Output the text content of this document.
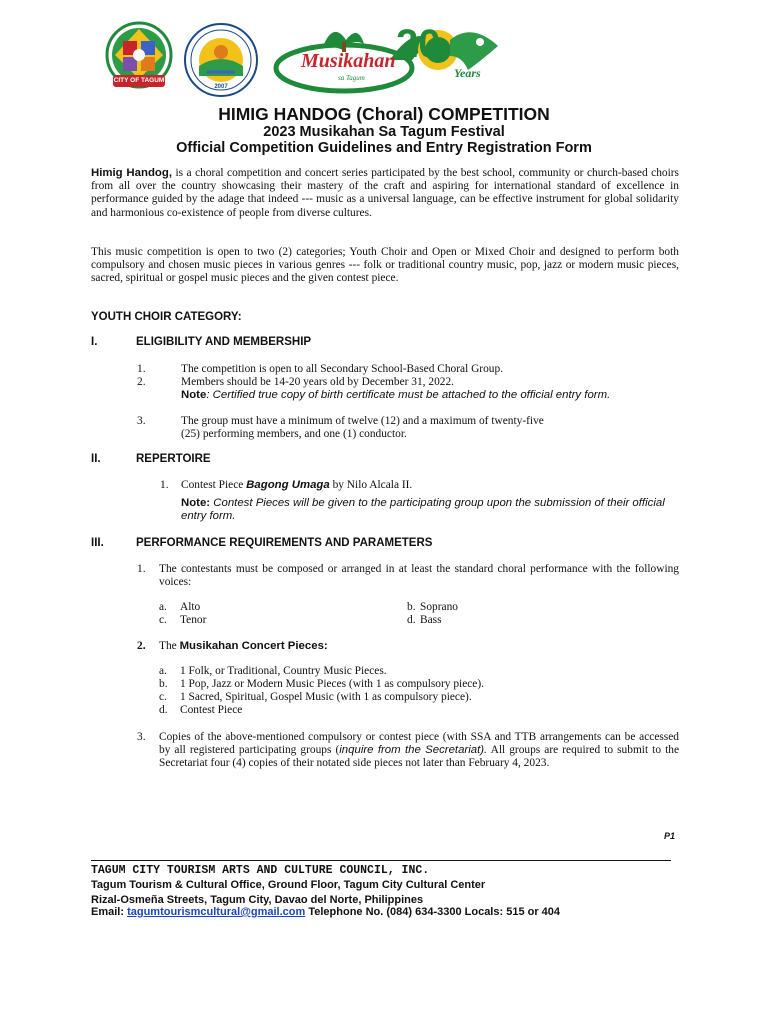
CITY OF TAGUM
2007
Musikahan
sa Tagum
20
Years
HIMIG HANDOG (Choral) COMPETITION
2023 Musikahan Sa Tagum Festival
Official Competition Guidelines and Entry Registration Form

Himig Handog, is a choral competition and concert series participated by the best school, community or church-based choirs from all over the country showcasing their mastery of the craft and aspiring for international standard of excellence in performance guided by the adage that indeed --- music as a universal language, can be effective instrument for global solidarity and harmonious co-existence of people from diverse cultures.

This music competition is open to two (2) categories; Youth Choir and Open or Mixed Choir and designed to perform both compulsory and chosen music pieces in various genres --- folk or traditional country music, pop, jazz or modern music pieces, sacred, spiritual or gospel music pieces and the given contest piece.

YOUTH CHOIR CATEGORY:
I.	ELIGIBILITY AND MEMBERSHIP
1.	The competition is open to all Secondary School-Based Choral Group.
2.	Members should be 14-20 years old by December 31, 2022.

Note: Certified true copy of birth certificate must be attached to the official entry form.

3.	The group must have a minimum of twelve (12) and a maximum of twenty-five
(25) performing members, and one (1) conductor.
II.	REPERTOIRE
1. Contest Piece Bagong Umaga by Nilo Alcala II.

Note: Contest Pieces will be given to the participating group upon the submission of their official entry form.

III.	PERFORMANCE REQUIREMENTS AND PARAMETERS
1. The contestants must be composed or arranged in at least the standard choral performance with the following voices:

a. Alto	b. Soprano
c. Tenor	d. Bass
2. The Musikahan Concert Pieces:

a. 1 Folk, or Traditional, Country Music Pieces.
b. 1 Pop, Jazz or Modern Music Pieces (with 1 as compulsory piece).
c. 1 Sacred, Spiritual, Gospel Music (with 1 as compulsory piece).
d. Contest Piece
3. Copies of the above-mentioned compulsory or contest piece (with SSA and TTB arrangements can be accessed by all registered participating groups (inquire from the Secretariat). All groups are required to submit to the Secretariat four (4) copies of their notated side pieces not later than February 4, 2023.

P1
TAGUM CITY TOURISM ARTS AND CULTURE COUNCIL, INC.
Tagum Tourism & Cultural Office, Ground Floor, Tagum City Cultural Center
Rizal-Osmeña Streets, Tagum City, Davao del Norte, Philippines
Email: tagumtourismcultural@gmail.com Telephone No. (084) 634-3300 Locals: 515 or 404
